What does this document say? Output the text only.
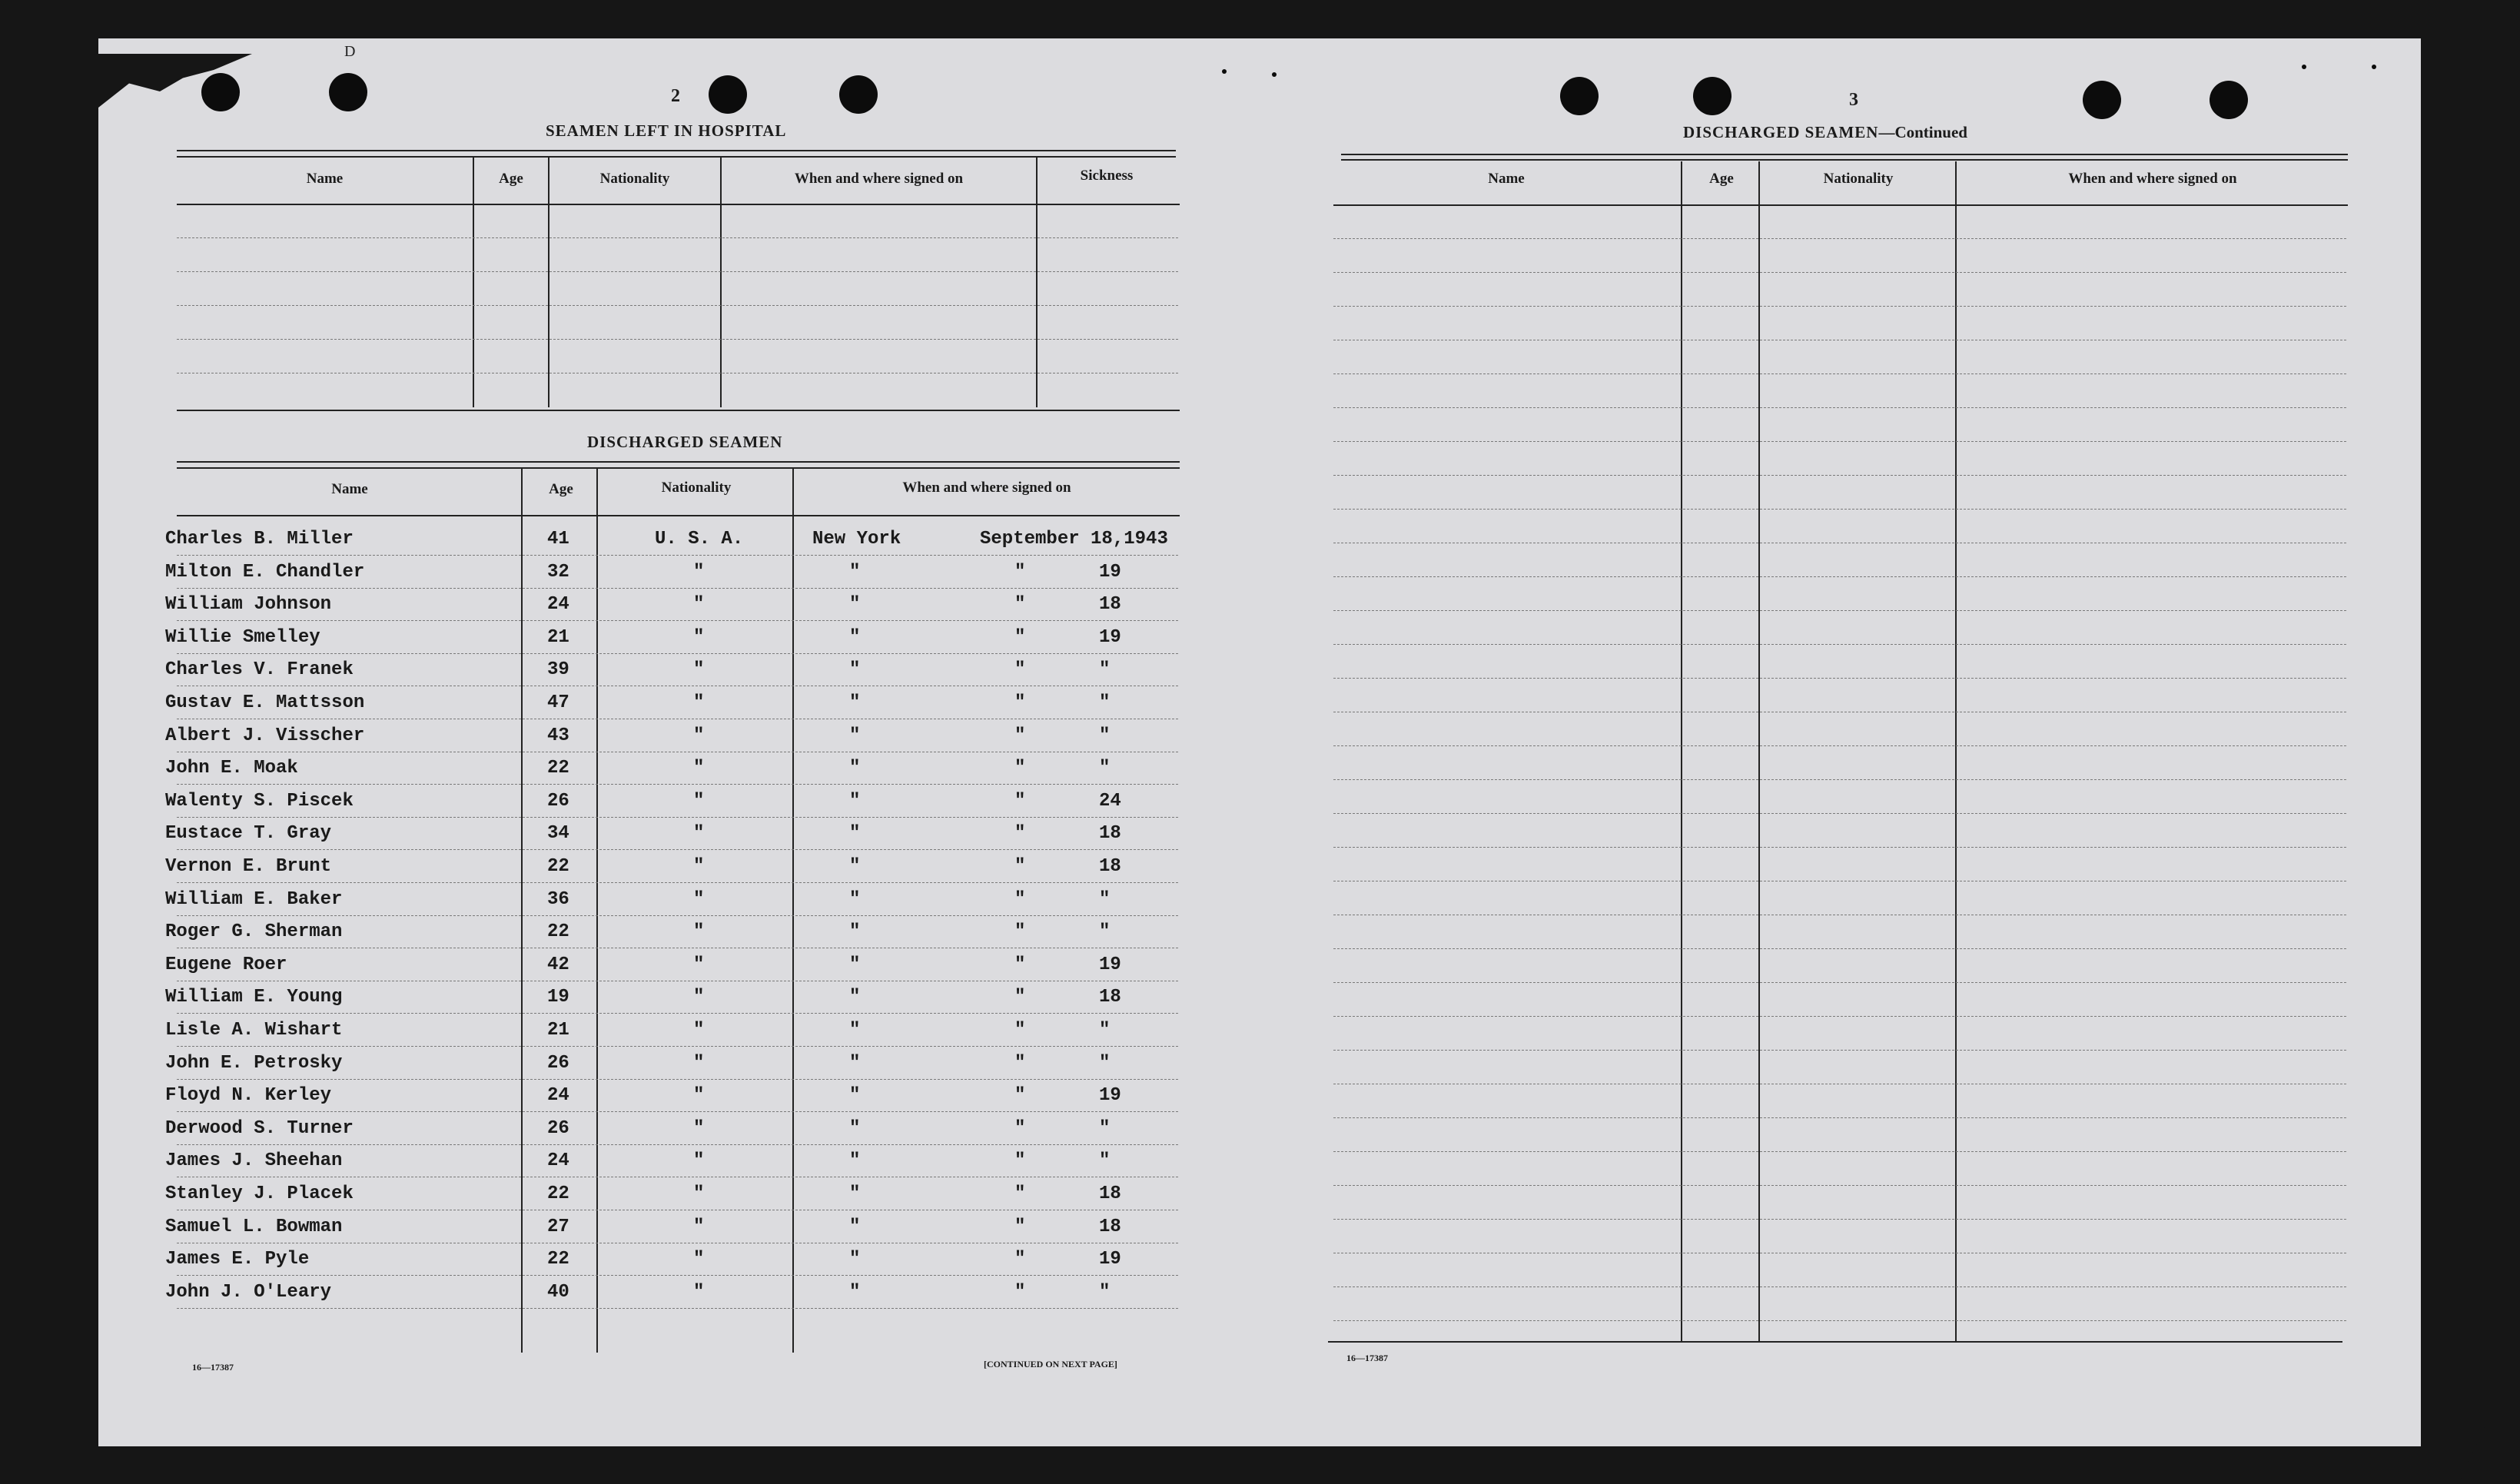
D
2
SEAMEN LEFT IN HOSPITAL
Name	Age	Nationality	When and where signed on	Sickness
DISCHARGED SEAMEN
Name	Age	Nationality	When and where signed on
Charles B. Miller	41	U. S. A.	New York	September 18,1943
Milton E. Chandler	32	"	"	"	19
William Johnson	24	"	"	"	18
Willie Smelley	21	"	"	"	19
Charles V. Franek	39	"	"	"	"
Gustav E. Mattsson	47	"	"	"	"
Albert J. Visscher	43	"	"	"	"
John E. Moak	22	"	"	"	"
Walenty S. Piscek	26	"	"	"	24
Eustace T. Gray	34	"	"	"	18
Vernon E. Brunt	22	"	"	"	18
William E. Baker	36	"	"	"	"
Roger G. Sherman	22	"	"	"	"
Eugene Roer	42	"	"	"	19
William E. Young	19	"	"	"	18
Lisle A. Wishart	21	"	"	"	"
John E. Petrosky	26	"	"	"	"
Floyd N. Kerley	24	"	"	"	19
Derwood S. Turner	26	"	"	"	"
James J. Sheehan	24	"	"	"	"
Stanley J. Placek	22	"	"	"	18
Samuel L. Bowman	27	"	"	"	18
James E. Pyle	22	"	"	"	19
John J. O'Leary	40	"	"	"	"
16—17387	[CONTINUED ON NEXT PAGE]
3
DISCHARGED SEAMEN—Continued
Name	Age	Nationality	When and where signed on
16—17387
